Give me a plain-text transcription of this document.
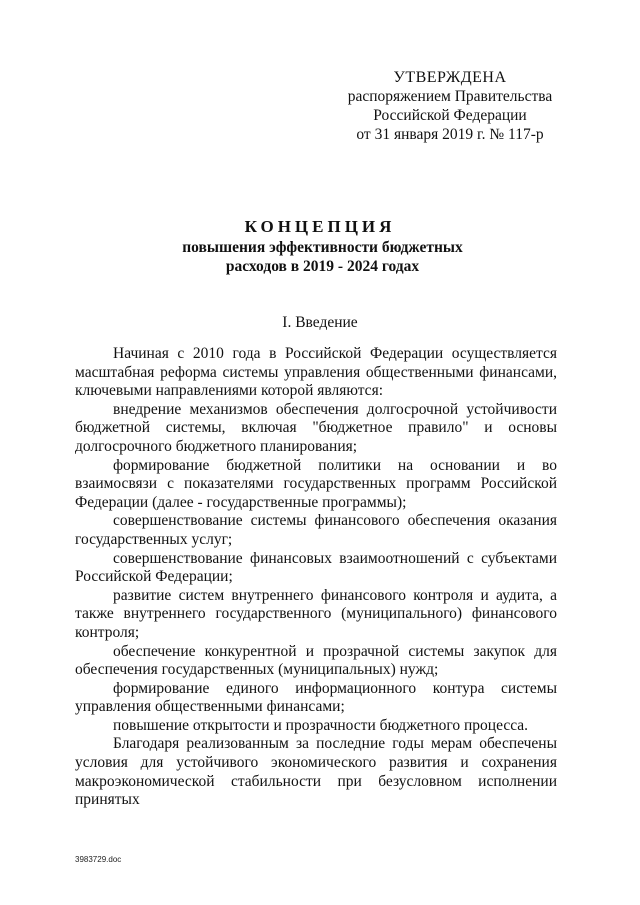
УТВЕРЖДЕНА
распоряжением Правительства
Российской Федерации
от 31 января 2019 г. № 117-р
КОНЦЕПЦИЯ
повышения эффективности бюджетных
расходов в 2019 - 2024 годах
I. Введение

Начиная с 2010 года в Российской Федерации осуществляется масштабная реформа системы управления общественными финансами, ключевыми направлениями которой являются:

внедрение механизмов обеспечения долгосрочной устойчивости бюджетной системы, включая "бюджетное правило" и основы долгосрочного бюджетного планирования;

формирование бюджетной политики на основании и во взаимосвязи с показателями государственных программ Российской Федерации (далее - государственные программы);

совершенствование системы финансового обеспечения оказания государственных услуг;

совершенствование финансовых взаимоотношений с субъектами Российской Федерации;

развитие систем внутреннего финансового контроля и аудита, а также внутреннего государственного (муниципального) финансового контроля;

обеспечение конкурентной и прозрачной системы закупок для обеспечения государственных (муниципальных) нужд;

формирование единого информационного контура системы управления общественными финансами;

повышение открытости и прозрачности бюджетного процесса.

Благодаря реализованным за последние годы мерам обеспечены условия для устойчивого экономического развития и сохранения макроэкономической стабильности при безусловном исполнении принятых

3983729.doc
